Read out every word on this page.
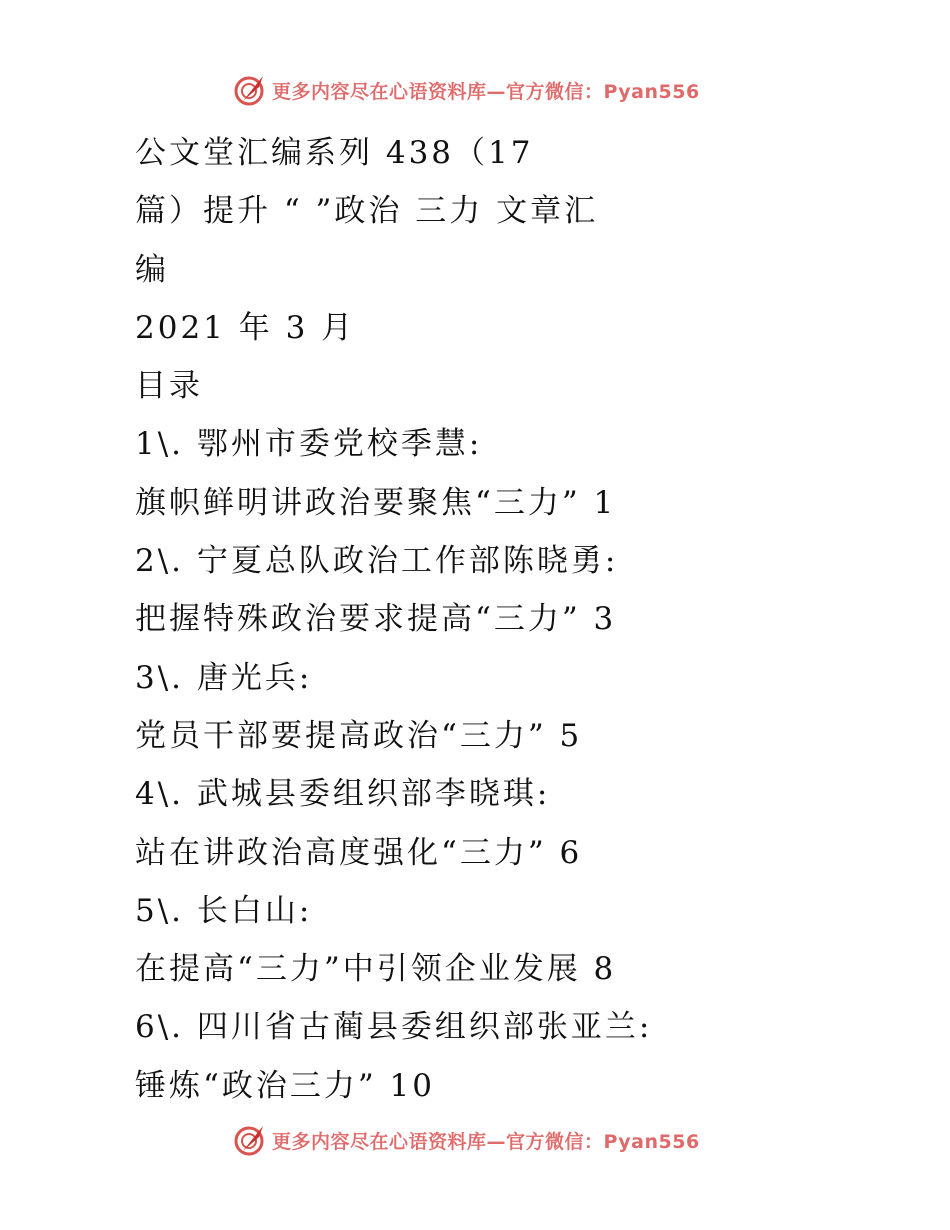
更多内容尽在心语资料库—官方微信：Pyan556
公文堂汇编系列 438（17
篇）提升 “ ”政治 三力 文章汇
编
2021 年 3 月
目录
1\. 鄂州市委党校季慧:
旗帜鲜明讲政治要聚焦“三力” 1
2\. 宁夏总队政治工作部陈晓勇:
把握特殊政治要求提高“三力” 3
3\. 唐光兵:
党员干部要提高政治“三力” 5
4\. 武城县委组织部李晓琪:
站在讲政治高度强化“三力” 6
5\. 长白山:
在提高“三力”中引领企业发展 8
6\. 四川省古蔺县委组织部张亚兰:
锤炼“政治三力” 10
更多内容尽在心语资料库—官方微信：Pyan556
